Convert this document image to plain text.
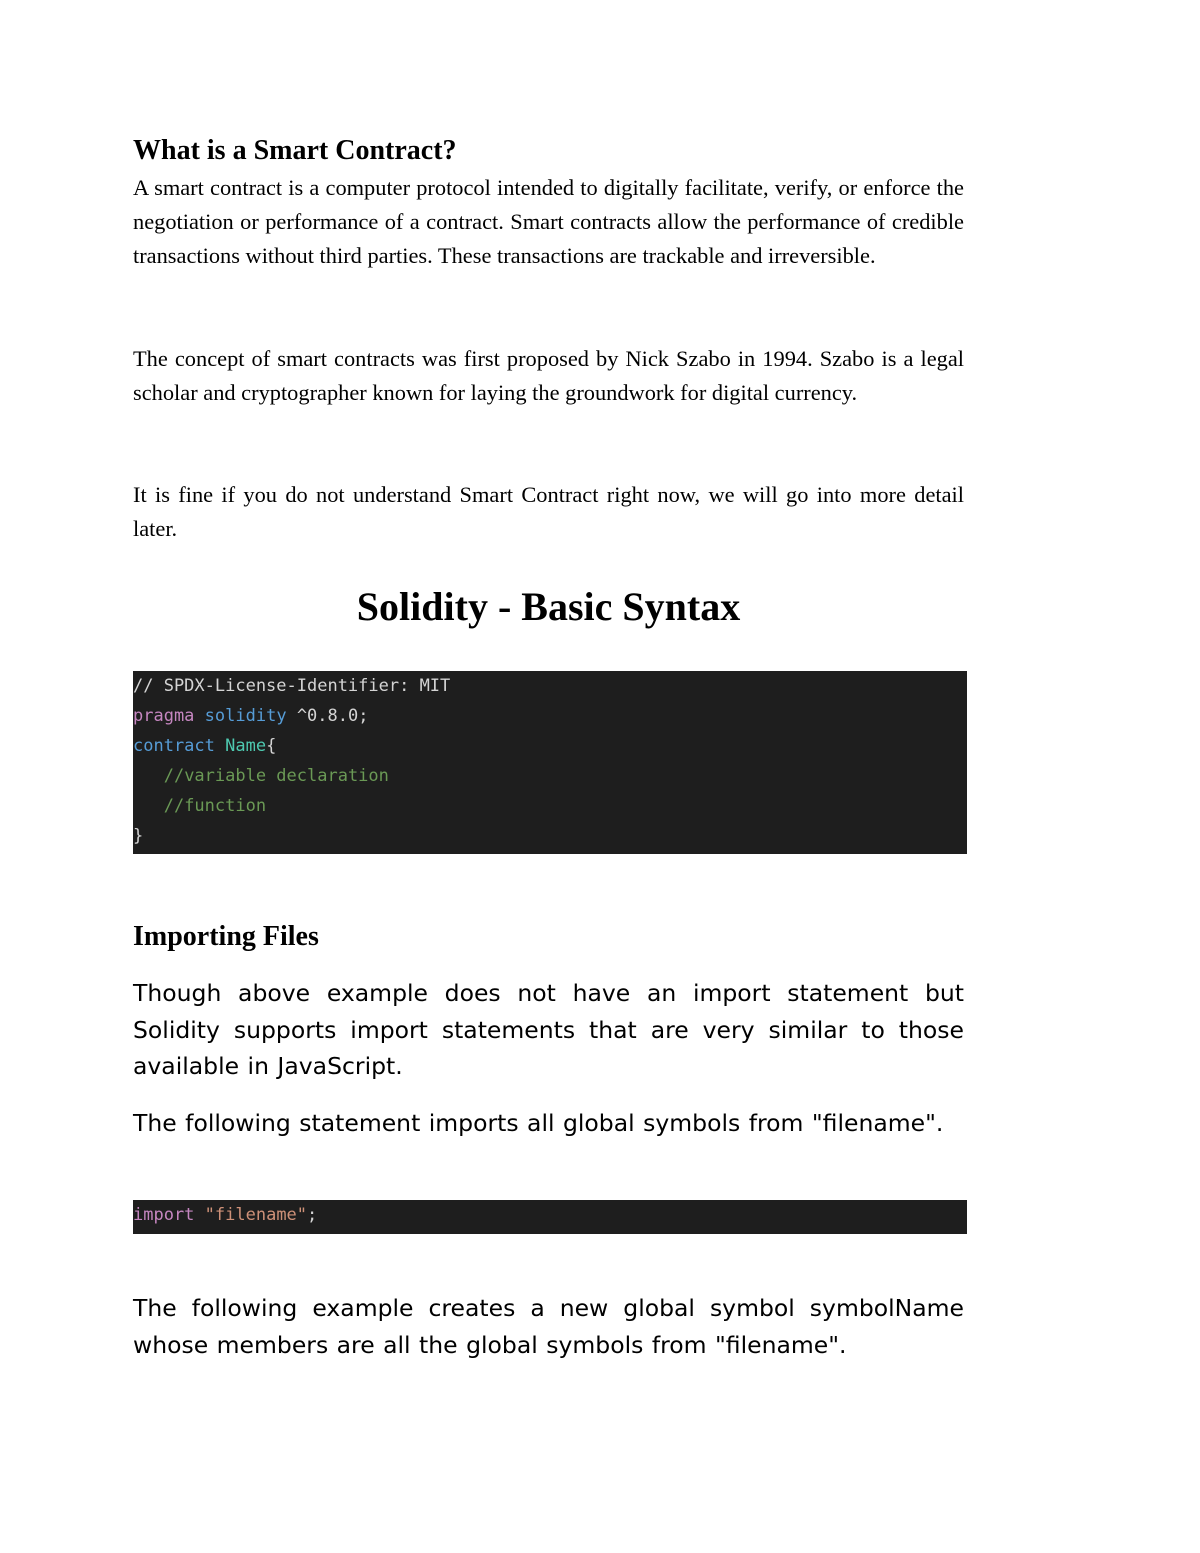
What is a Smart Contract?

A smart contract is a computer protocol intended to digitally facilitate, verify, or enforce the negotiation or performance of a contract. Smart contracts allow the performance of credible transactions without third parties. These transactions are trackable and irreversible.

The concept of smart contracts was first proposed by Nick Szabo in 1994. Szabo is a legal scholar and cryptographer known for laying the groundwork for digital currency.

It is fine if you do not understand Smart Contract right now, we will go into more detail later.

Solidity - Basic Syntax
// SPDX-License-Identifier: MIT
pragma solidity ^0.8.0;
contract Name{
//variable declaration
//function
}
Importing Files

Though above example does not have an import statement but Solidity supports import statements that are very similar to those available in JavaScript.

The following statement imports all global symbols from "filename".

import "filename";

The following example creates a new global symbol symbolName whose members are all the global symbols from "filename".
